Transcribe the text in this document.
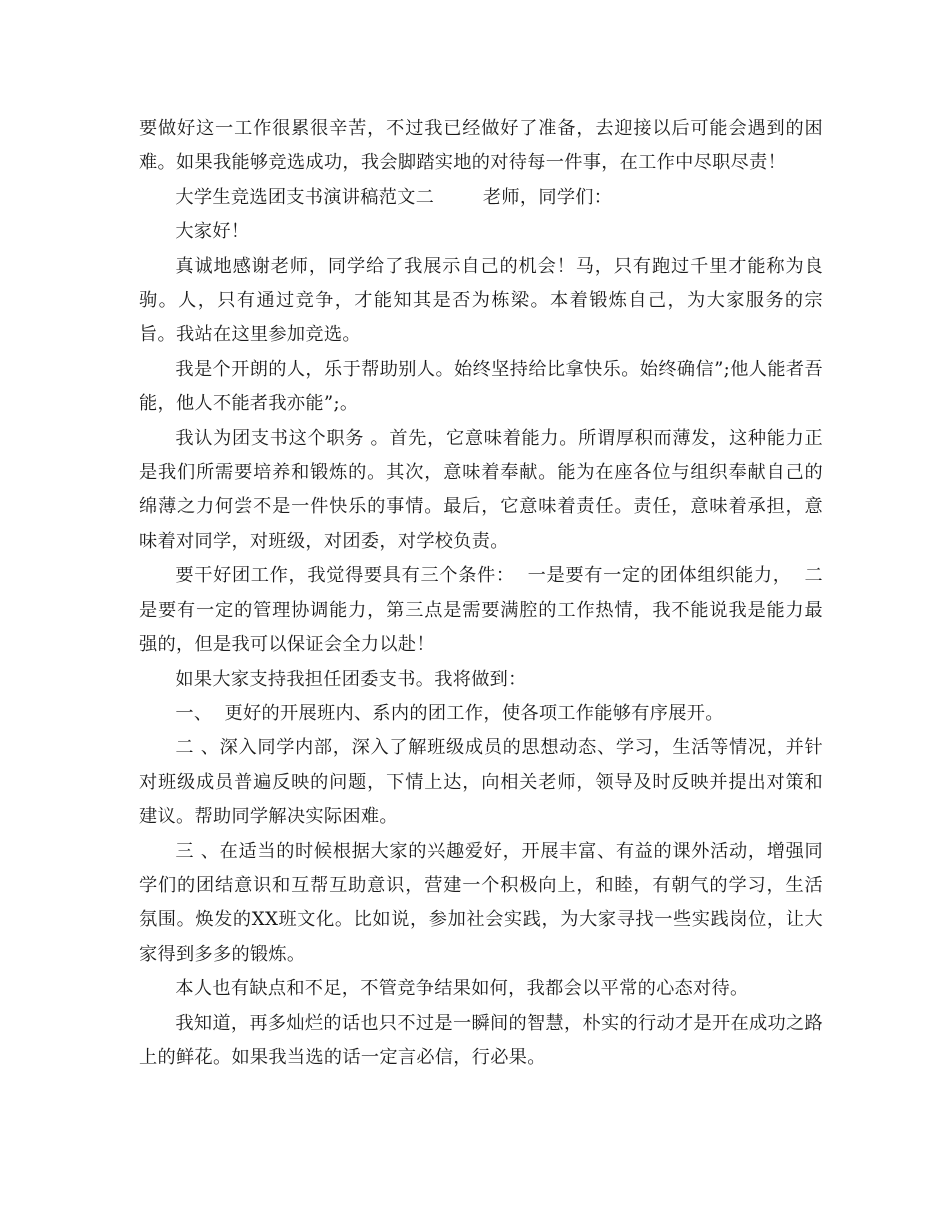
要做好这一工作很累很辛苦，不过我已经做好了准备，去迎接以后可能会遇到的困难。如果我能够竞选成功，我会脚踏实地的对待每一件事，在工作中尽职尽责！

大学生竞选团支书演讲稿范文二        老师，同学们：

大家好！

真诚地感谢老师，同学给了我展示自己的机会！马，只有跑过千里才能称为良驹。人，只有通过竞争，才能知其是否为栋梁。本着锻炼自己，为大家服务的宗旨。我站在这里参加竞选。

我是个开朗的人，乐于帮助别人。始终坚持给比拿快乐。始终确信”;他人能者吾能，他人不能者我亦能”;。

我认为团支书这个职务 。首先，它意味着能力。所谓厚积而薄发，这种能力正是我们所需要培养和锻炼的。其次，意味着奉献。能为在座各位与组织奉献自己的绵薄之力何尝不是一件快乐的事情。最后，它意味着责任。责任，意味着承担，意味着对同学，对班级，对团委，对学校负责。

要干好团工作，我觉得要具有三个条件：  一是要有一定的团体组织能力，  二是要有一定的管理协调能力，第三点是需要满腔的工作热情，我不能说我是能力最强的，但是我可以保证会全力以赴！

如果大家支持我担任团委支书。我将做到：

一、  更好的开展班内、系内的团工作，使各项工作能够有序展开。

二 、深入同学内部，深入了解班级成员的思想动态、学习，生活等情况，并针对班级成员普遍反映的问题，下情上达，向相关老师，领导及时反映并提出对策和建议。帮助同学解决实际困难。

三 、在适当的时候根据大家的兴趣爱好，开展丰富、有益的课外活动，增强同学们的团结意识和互帮互助意识，营建一个积极向上，和睦，有朝气的学习，生活氛围。焕发的XX班文化。比如说，参加社会实践，为大家寻找一些实践岗位，让大家得到多多的锻炼。

本人也有缺点和不足，不管竞争结果如何，我都会以平常的心态对待。

我知道，再多灿烂的话也只不过是一瞬间的智慧，朴实的行动才是开在成功之路上的鲜花。如果我当选的话一定言必信，行必果。
